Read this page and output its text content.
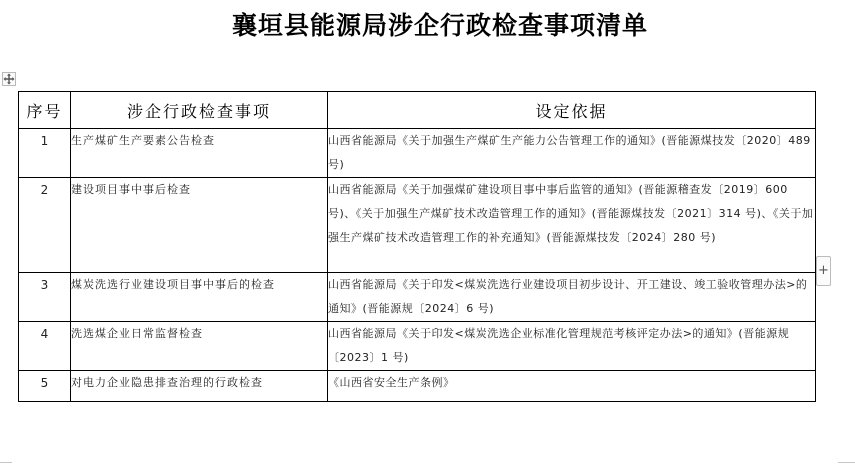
襄垣县能源局涉企行政检查事项清单
序号	涉企行政检查事项	设定依据
1	生产煤矿生产要素公告检查	山西省能源局《关于加强生产煤矿生产能力公告管理工作的通知》(晋能源煤技发〔2020〕489 号)
2	建设项目事中事后检查	山西省能源局《关于加强煤矿建设项目事中事后监管的通知》(晋能源稽查发〔2019〕600 号)、《关于加强生产煤矿技术改造管理工作的通知》(晋能源煤技发〔2021〕314 号)、《关于加强生产煤矿技术改造管理工作的补充通知》(晋能源煤技发〔2024〕280 号)
3	煤炭洗选行业建设项目事中事后的检查	山西省能源局《关于印发<煤炭洗选行业建设项目初步设计、开工建设、竣工验收管理办法>的通知》(晋能源规〔2024〕6 号)
4	洗选煤企业日常监督检查	山西省能源局《关于印发<煤炭洗选企业标准化管理规范考核评定办法>的通知》(晋能源规〔2023〕1 号)
5	对电力企业隐患排查治理的行政检查	《山西省安全生产条例》
+
